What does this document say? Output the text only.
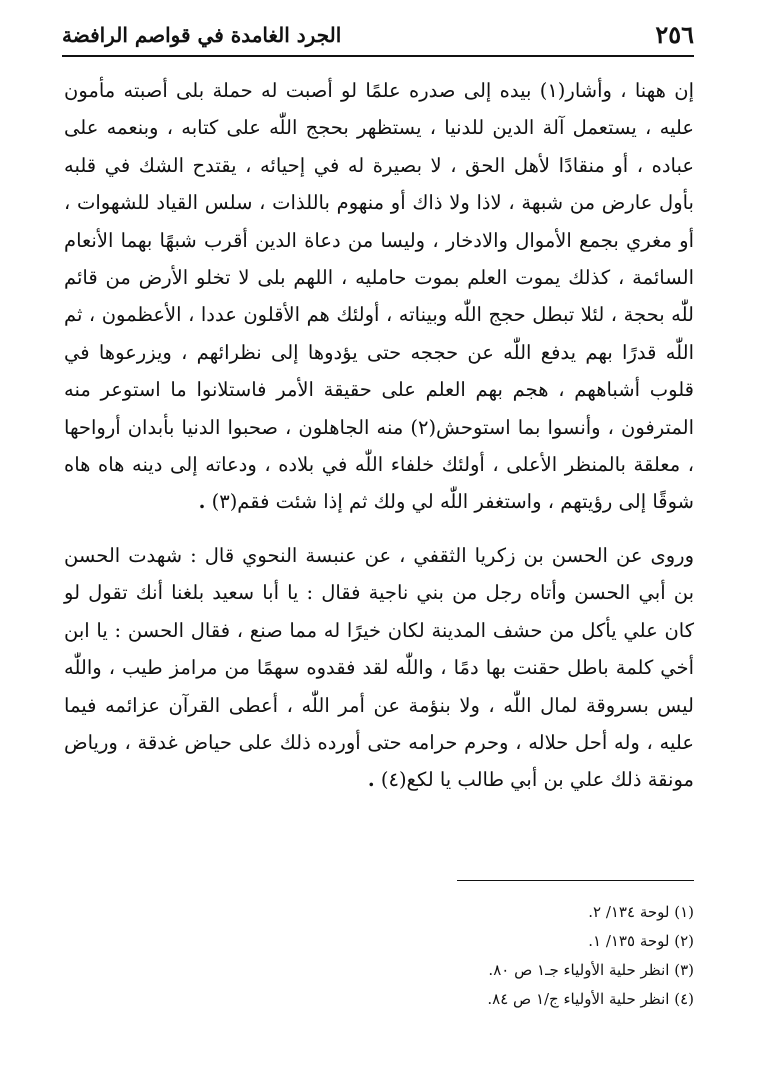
٢٥٦
الجرد الغامدة في قواصم الرافضة

إن ههنا ، وأشار(١) بيده إلى صدره علمًا لو أصبت له حملة بلى أصبته مأمون عليه ، يستعمل آلة الدين للدنيا ، يستظهر بحجج اللّٰه على كتابه ، وبنعمه على عباده ، أو منقادًا لأهل الحق ، لا بصيرة له في إحيائه ، يقتدح الشك في قلبه بأول عارض من شبهة ، لاذا ولا ذاك أو منهوم باللذات ، سلس القياد للشهوات ، أو مغري بجمع الأموال والادخار ، وليسا من دعاة الدين أقرب شبهًا بهما الأنعام السائمة ، كذلك يموت العلم بموت حامليه ، اللهم بلى لا تخلو الأرض من قائم للّٰه بحجة ، لئلا تبطل حجج اللّٰه وبيناته ، أولئك هم الأقلون عددا ، الأعظمون ، ثم اللّٰه قدرًا بهم يدفع اللّٰه عن حججه حتى يؤدوها إلى نظرائهم ، ويزرعوها في قلوب أشباههم ، هجم بهم العلم على حقيقة الأمر فاستلانوا ما استوعر منه المترفون ، وأنسوا بما استوحش(٢) منه الجاهلون ، صحبوا الدنيا بأبدان أرواحها ، معلقة بالمنظر الأعلى ، أولئك خلفاء اللّٰه في بلاده ، ودعاته إلى دينه هاه هاه شوقًا إلى رؤيتهم ، واستغفر اللّٰه لي ولك ثم إذا شئت فقم(٣) .

وروى عن الحسن بن زكريا الثقفي ، عن عنبسة النحوي قال : شهدت الحسن بن أبي الحسن وأتاه رجل من بني ناجية فقال : يا أبا سعيد بلغنا أنك تقول لو كان علي يأكل من حشف المدينة لكان خيرًا له مما صنع ، فقال الحسن : يا ابن أخي كلمة باطل حقنت بها دمًا ، واللّٰه لقد فقدوه سهمًا من مرامز طيب ، واللّٰه ليس بسروقة لمال اللّٰه ، ولا بنؤمة عن أمر اللّٰه ، أعطى القرآن عزائمه فيما عليه ، وله أحل حلاله ، وحرم حرامه حتى أورده ذلك على حياض غدقة ، ورياض مونقة ذلك علي بن أبي طالب يا لكع(٤) .

(١) لوحة ١٣٤/ ٢.
(٢) لوحة ١٣٥/ ١.
(٣) انظر حلية الأولياء جـ١ ص ٨٠.
(٤) انظر حلية الأولياء ج/١ ص ٨٤.
